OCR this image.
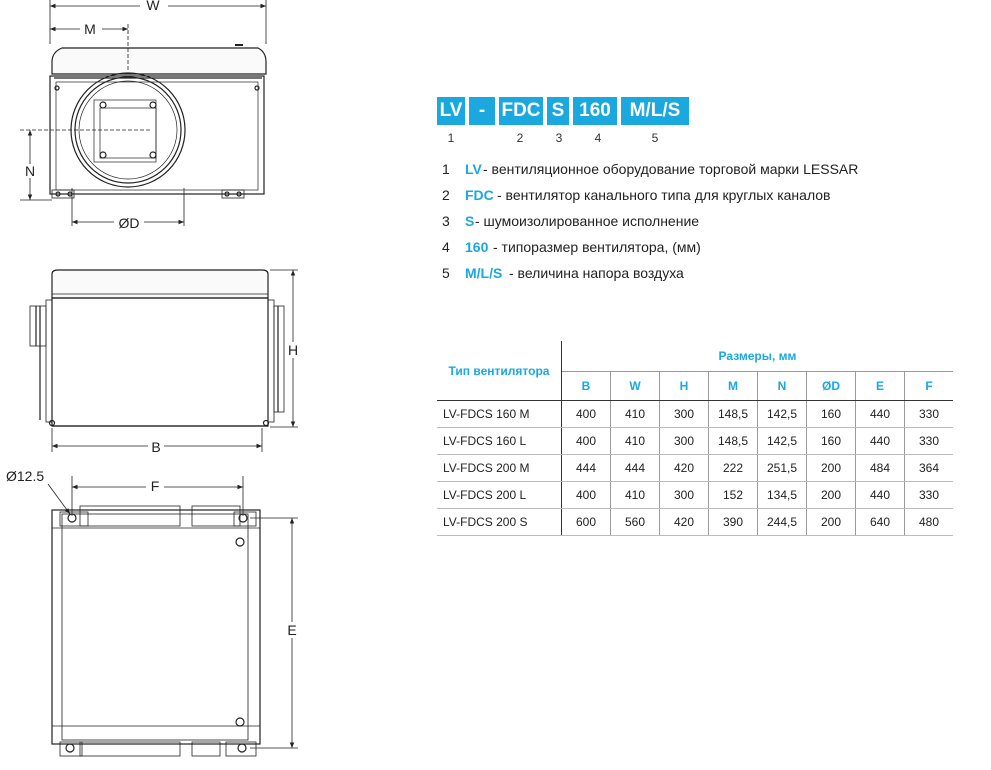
W
M
N
ØD
H
B
F
Ø12.5
E
LV - FDC S 160 M/L/S
1	2	3	4	5
1	LV - вентиляционное оборудование торговой марки LESSAR
2	FDC - вентилятор канального типа для круглых каналов
3	S - шумоизолированное исполнение
4	160 - типоразмер вентилятора, (мм)
5	M/L/S - величина напора воздуха
Тип вентилятора	Размеры, мм							
	B	W	H	M	N	ØD	E	F
LV-FDCS 160 M	400	410	300	148,5	142,5	160	440	330
LV-FDCS 160 L	400	410	300	148,5	142,5	160	440	330
LV-FDCS 200 M	444	444	420	222	251,5	200	484	364
LV-FDCS 200 L	400	410	300	152	134,5	200	440	330
LV-FDCS 200 S	600	560	420	390	244,5	200	640	480
